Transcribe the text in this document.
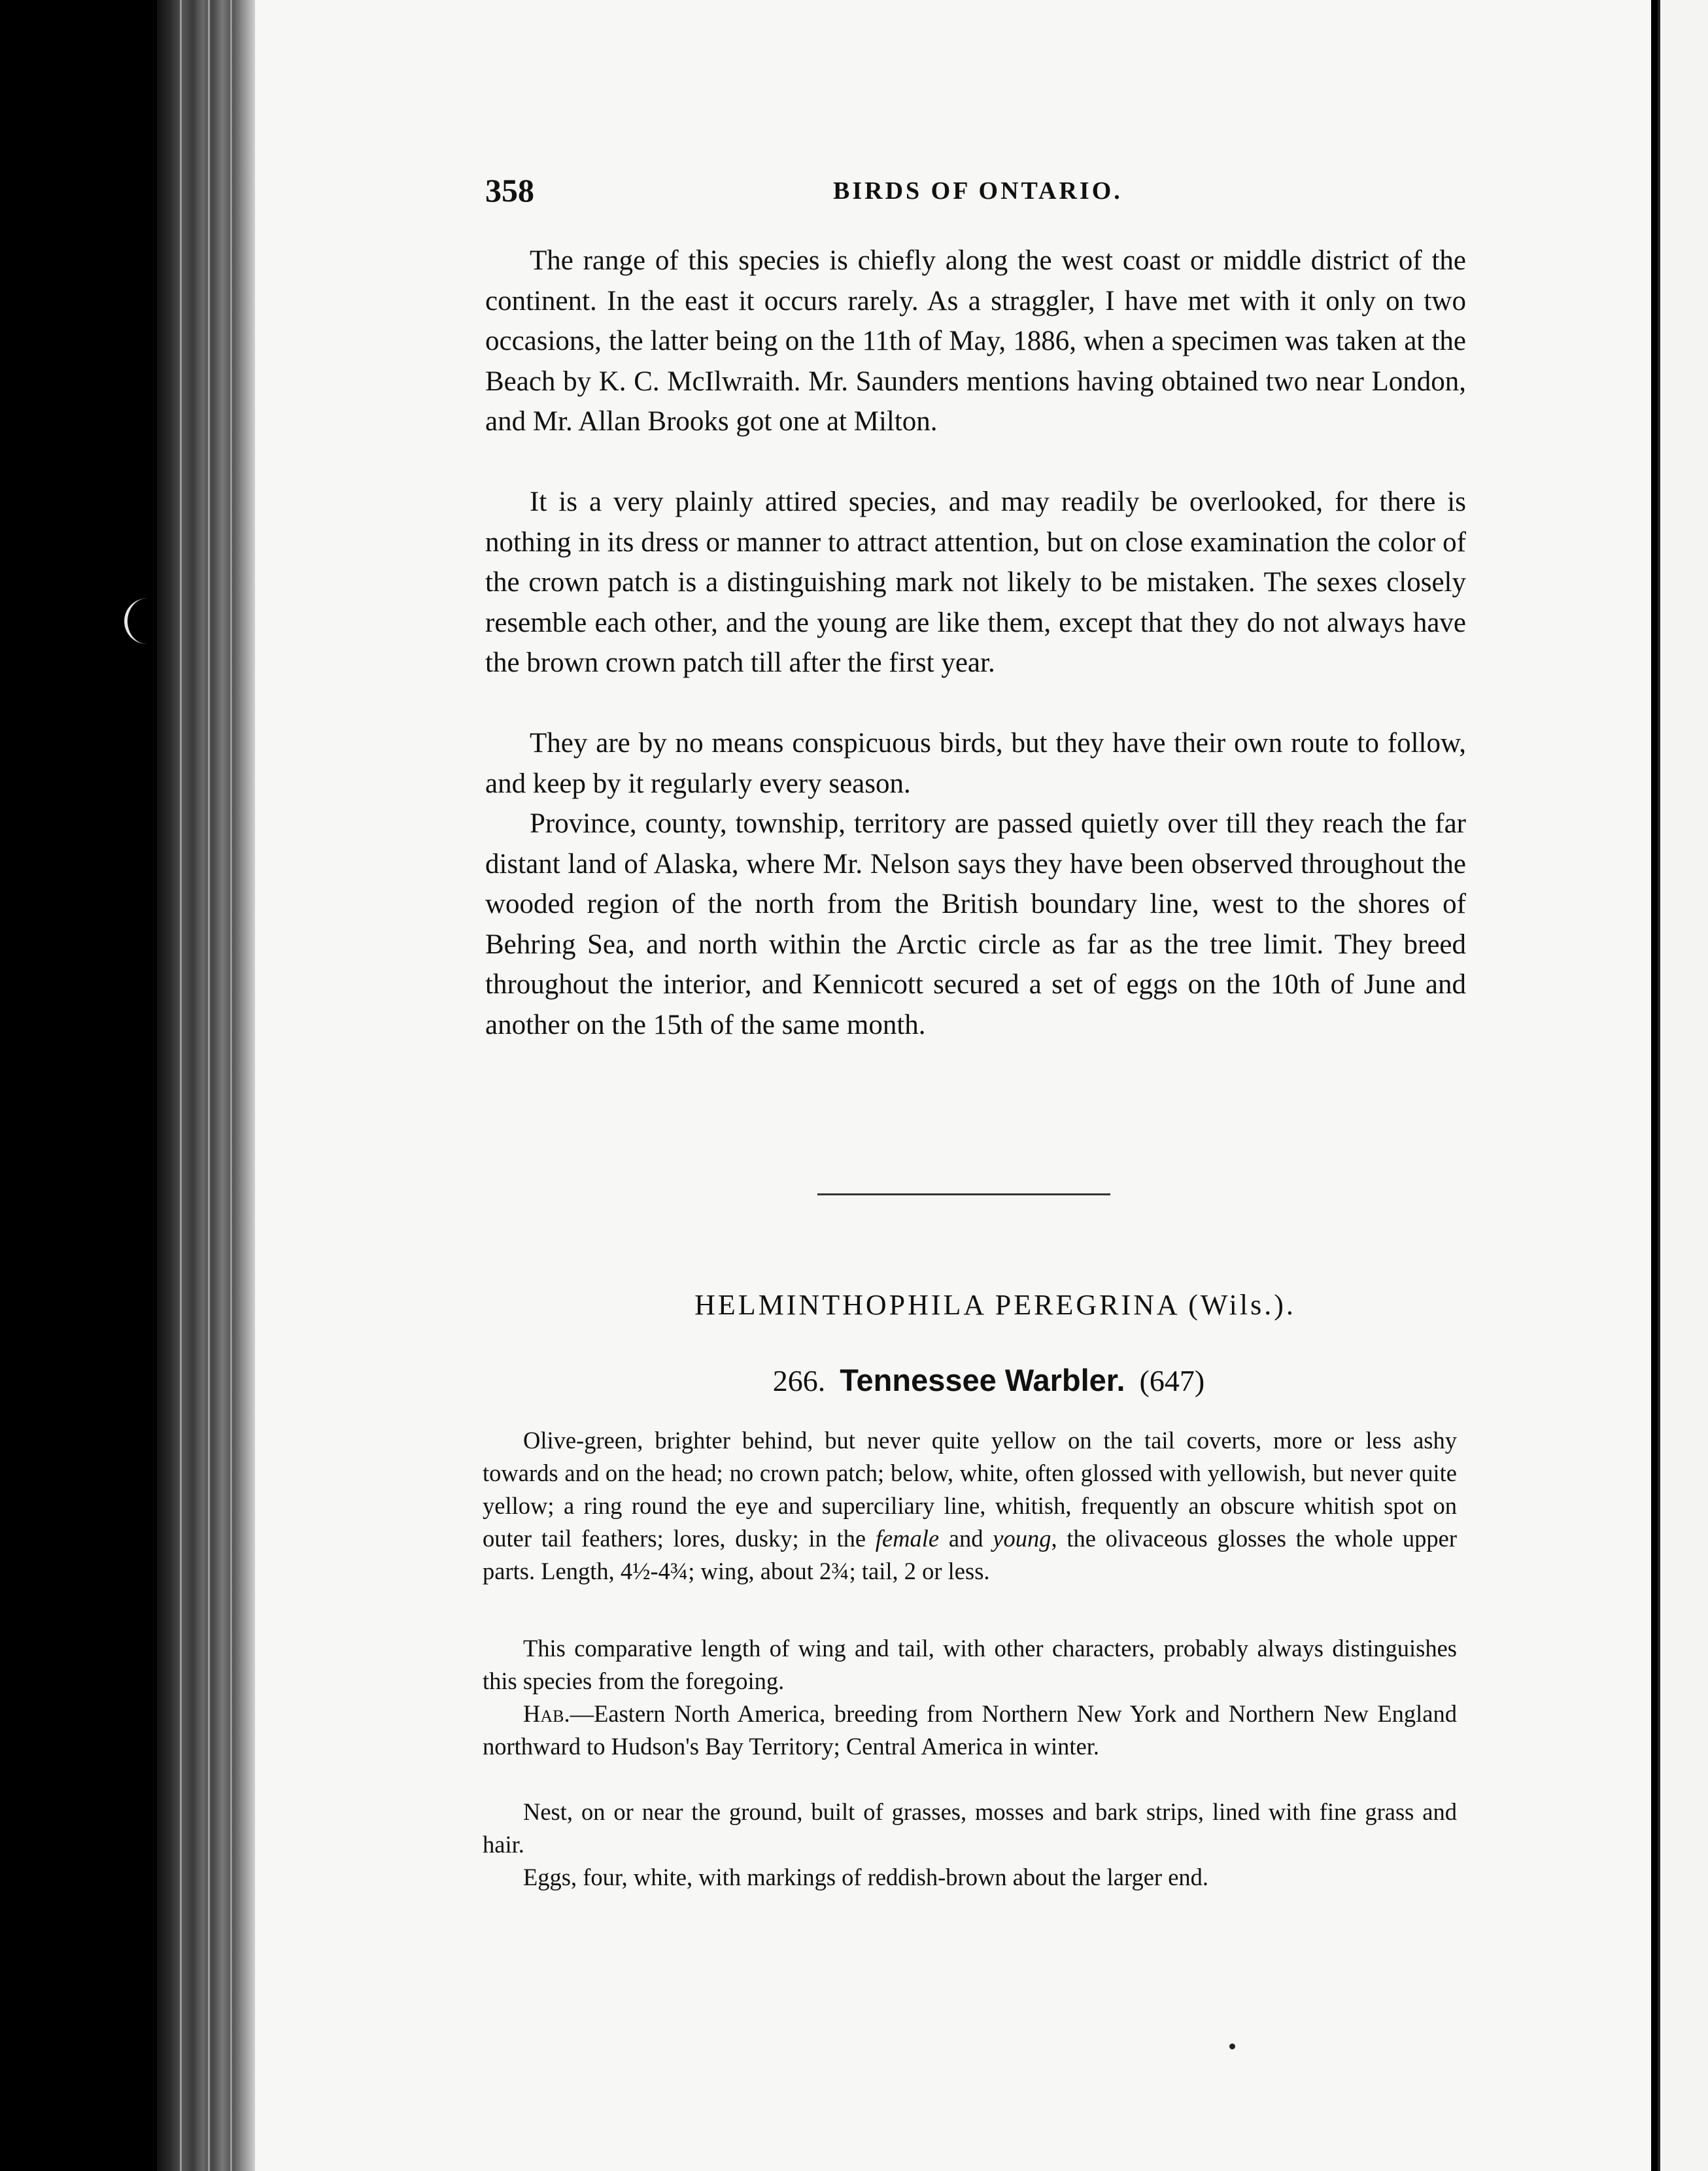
358	BIRDS OF ONTARIO.

The range of this species is chiefly along the west coast or middle district of the continent. In the east it occurs rarely. As a straggler, I have met with it only on two occasions, the latter being on the 11th of May, 1886, when a specimen was taken at the Beach by K. C. McIlwraith. Mr. Saunders mentions having obtained two near London, and Mr. Allan Brooks got one at Milton.

It is a very plainly attired species, and may readily be overlooked, for there is nothing in its dress or manner to attract attention, but on close examination the color of the crown patch is a distinguishing mark not likely to be mistaken. The sexes closely resemble each other, and the young are like them, except that they do not always have the brown crown patch till after the first year.

They are by no means conspicuous birds, but they have their own route to follow, and keep by it regularly every season.

Province, county, township, territory are passed quietly over till they reach the far distant land of Alaska, where Mr. Nelson says they have been observed throughout the wooded region of the north from the British boundary line, west to the shores of Behring Sea, and north within the Arctic circle as far as the tree limit. They breed throughout the interior, and Kennicott secured a set of eggs on the 10th of June and another on the 15th of the same month.

HELMINTHOPHILA PEREGRINA (Wils.).
266. Tennessee Warbler. (647)

Olive-green, brighter behind, but never quite yellow on the tail coverts, more or less ashy towards and on the head; no crown patch; below, white, often glossed with yellowish, but never quite yellow; a ring round the eye and superciliary line, whitish, frequently an obscure whitish spot on outer tail feathers; lores, dusky; in the female and young, the olivaceous glosses the whole upper parts. Length, 4½-4¾; wing, about 2¾; tail, 2 or less.

This comparative length of wing and tail, with other characters, probably always distinguishes this species from the foregoing.

Hab.—Eastern North America, breeding from Northern New York and Northern New England northward to Hudson's Bay Territory; Central America in winter.

Nest, on or near the ground, built of grasses, mosses and bark strips, lined with fine grass and hair.

Eggs, four, white, with markings of reddish-brown about the larger end.
